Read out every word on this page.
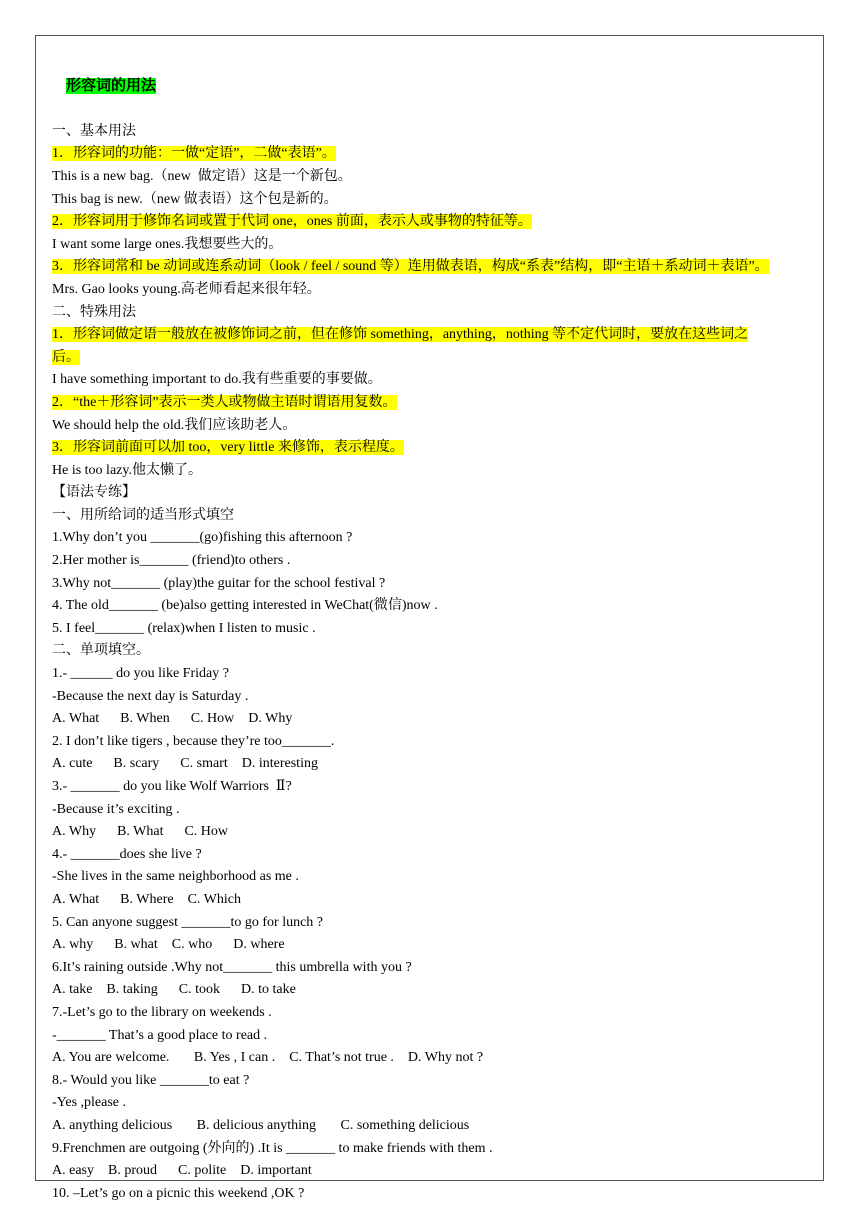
形容词的用法

一、基本用法
1．形容词的功能：一做“定语”，二做“表语”。
This is a new bag.（new  做定语）这是一个新包。
This bag is new.（new 做表语）这个包是新的。
2．形容词用于修饰名词或置于代词 one，ones 前面，表示人或事物的特征等。
I want some large ones.我想要些大的。
3．形容词常和 be 动词或连系动词（look / feel / sound 等）连用做表语，构成“系表”结构，即“主语＋系动词＋表语”。
Mrs. Gao looks young.高老师看起来很年轻。
二、特殊用法
1．形容词做定语一般放在被修饰词之前，但在修饰 something，anything，nothing 等不定代词时，要放在这些词之
后。
I have something important to do.我有些重要的事要做。
2．“the＋形容词”表示一类人或物做主语时谓语用复数。
We should help the old.我们应该助老人。
3．形容词前面可以加 too，very little 来修饰，表示程度。
He is too lazy.他太懒了。
【语法专练】
一、用所给词的适当形式填空
1.Why don’t you _______(go)fishing this afternoon ?
2.Her mother is_______ (friend)to others .
3.Why not_______ (play)the guitar for the school festival ?
4. The old_______ (be)also getting interested in WeChat(微信)now .
5. I feel_______ (relax)when I listen to music .
二、单项填空。
1.- ______ do you like Friday ?
-Because the next day is Saturday .
A. What      B. When      C. How    D. Why
2. I don’t like tigers , because they’re too_______.
A. cute      B. scary      C. smart    D. interesting
3.- _______ do you like Wolf Warriors  Ⅱ?
-Because it’s exciting .
A. Why      B. What      C. How
4.- _______does she live ?
-She lives in the same neighborhood as me .
A. What      B. Where    C. Which
5. Can anyone suggest _______to go for lunch ?
A. why      B. what    C. who      D. where
6.It’s raining outside .Why not_______ this umbrella with you ?
A. take    B. taking      C. took      D. to take
7.-Let’s go to the library on weekends .
-_______ That’s a good place to read .
A. You are welcome.       B. Yes , I can .    C. That’s not true .    D. Why not ?
8.- Would you like _______to eat ?
-Yes ,please .
A. anything delicious       B. delicious anything       C. something delicious
9.Frenchmen are outgoing (外向的) .It is _______ to make friends with them .
A. easy    B. proud      C. polite    D. important
10. –Let’s go on a picnic this weekend ,OK ?
